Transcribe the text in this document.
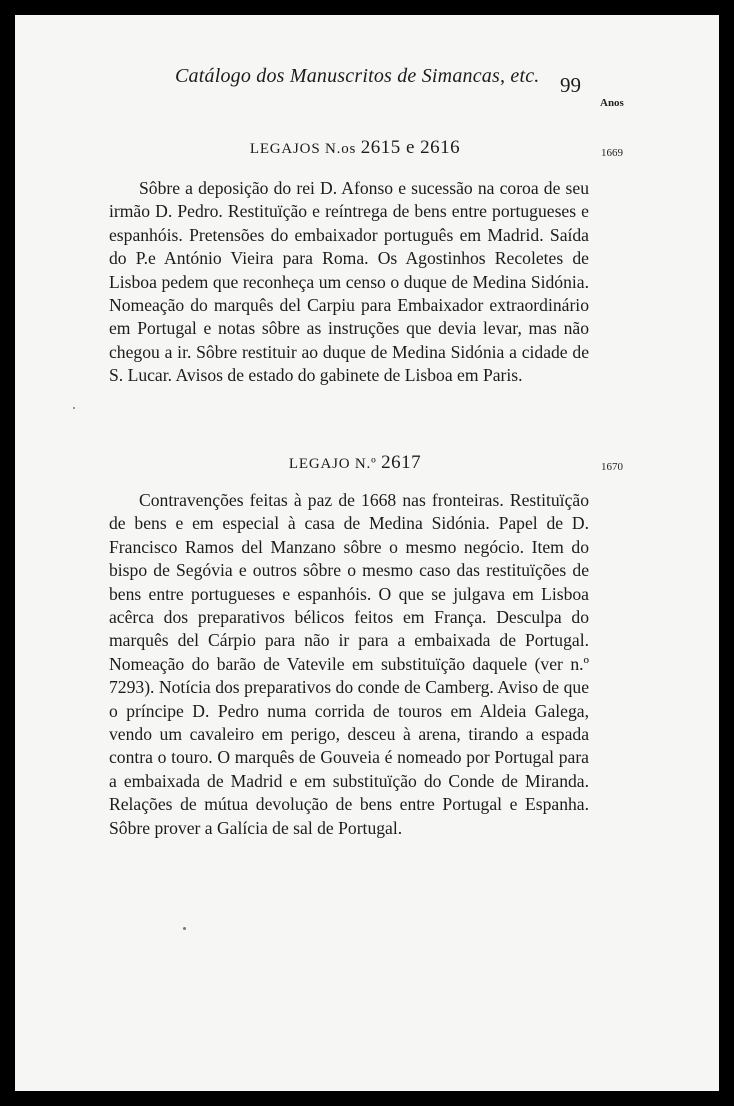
Catálogo dos Manuscritos de Simancas, etc. 99
Anos
LEGAJOS N.os 2615 e 2616	1669

Sôbre a deposição do rei D. Afonso e sucessão na coroa de seu irmão D. Pedro. Restituïção e reíntrega de bens entre portugueses e espanhóis. Pretensões do embaixador português em Madrid. Saída do P.e António Vieira para Roma. Os Agostinhos Recoletes de Lisboa pedem que reconheça um censo o duque de Medina Sidónia. Nomeação do marquês del Carpiu para Embaixador extraordinário em Portugal e notas sôbre as instruções que devia levar, mas não chegou a ir. Sôbre restituir ao duque de Medina Sidónia a cidade de S. Lucar. Avisos de estado do gabinete de Lisboa em Paris.

LEGAJO N.º 2617	1670

Contravenções feitas à paz de 1668 nas fronteiras. Restituïção de bens e em especial à casa de Medina Sidónia. Papel de D. Francisco Ramos del Manzano sôbre o mesmo negócio. Item do bispo de Segóvia e outros sôbre o mesmo caso das restituïções de bens entre portugueses e espanhóis. O que se julgava em Lisboa acêrca dos preparativos bélicos feitos em França. Desculpa do marquês del Cárpio para não ir para a embaixada de Portugal. Nomeação do barão de Vatevile em substituïção daquele (ver n.º 7293). Notícia dos preparativos do conde de Camberg. Aviso de que o príncipe D. Pedro numa corrida de touros em Aldeia Galega, vendo um cavaleiro em perigo, desceu à arena, tirando a espada contra o touro. O marquês de Gouveia é nomeado por Portugal para a embaixada de Madrid e em substituïção do Conde de Miranda. Relações de mútua devolução de bens entre Portugal e Espanha. Sôbre prover a Galícia de sal de Portugal.
